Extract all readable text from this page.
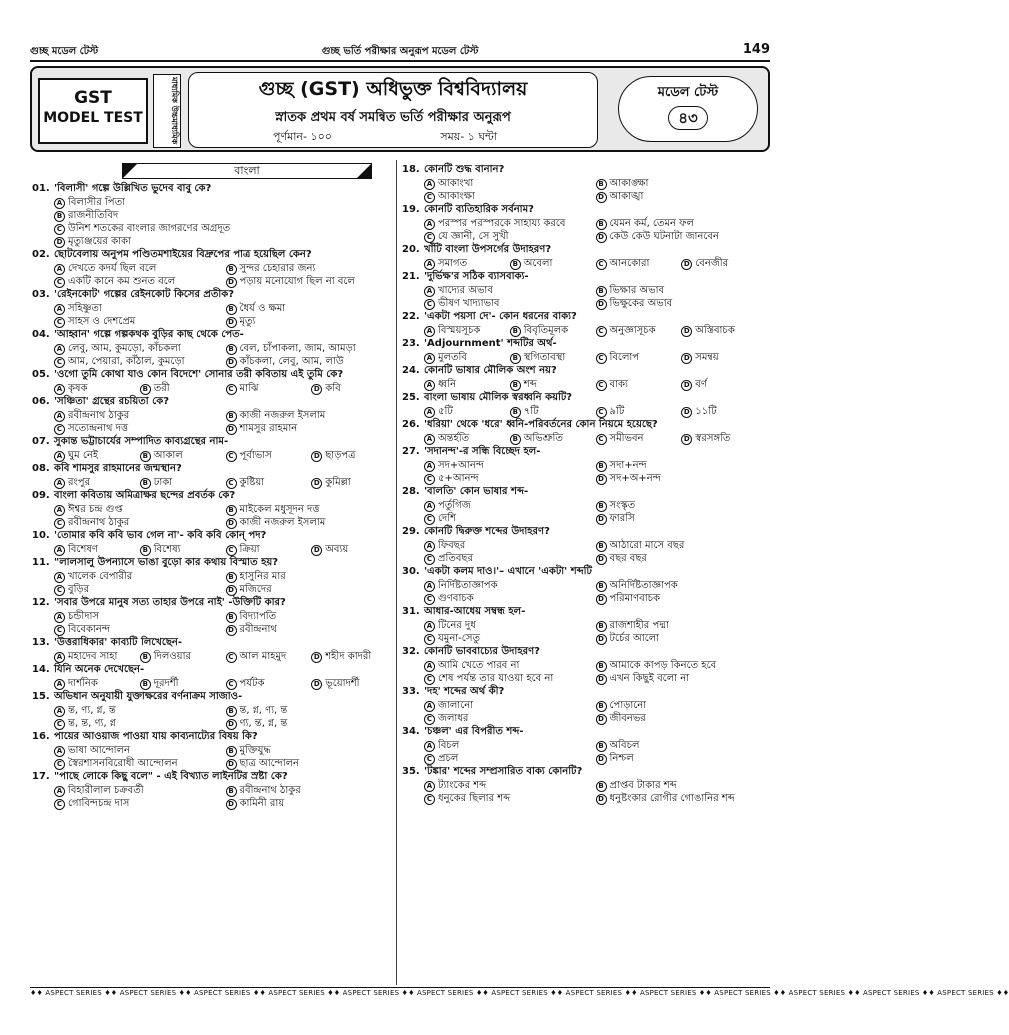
গুচ্ছ মডেল টেস্ট	গুচ্ছ ভর্তি পরীক্ষার অনুরূপ মডেল টেস্ট	149
GST
MODEL TEST	মাধ্যমিক উচ্চমাধ্যমিক	গুচ্ছ (GST) অধিভুক্ত বিশ্ববিদ্যালয়
স্নাতক প্রথম বর্ষ সমন্বিত ভর্তি পরীক্ষার অনুরূপ
পূর্ণমান- ১০০	সময়- ১ ঘন্টা
মডেল টেস্ট
৪৩
বাংলা
01. 'বিলাসী' গল্পে উল্লিখিত ভুদেব বাবু কে?
A বিলাসীর পিতা
B রাজনীতিবিদ
C উনিশ শতকের বাংলার জাগরণের অগ্রদূত
D মৃত্যুঞ্জয়ের কাকা
02. ছোটবেলায় অনুপম পণ্ডিতমশাইয়ের বিদ্রুপের পাত্র হয়েছিল কেন?
A দেখতে কদর্য ছিল বলে	B সুন্দর চেহারার জন্য
C একটি কানে কম শুনত বলে	D পড়ায় মনোযোগ ছিল না বলে
03. 'রেইনকোট' গল্পের রেইনকোট কিসের প্রতীক?
A সহিষ্ণুতা	B ধৈর্য ও ক্ষমা
C সাহস ও দেশপ্রেম	D মৃত্যু
04. 'আহ্বান' গল্পে গল্পকথক বুড়ির কাছ থেকে পেত-
A লেবু, আম, কুমড়ো, কাঁচকলা	B বেল, চাঁপাকলা, জাম, আমড়া
C আম, পেয়ারা, কাঁঠাল, কুমড়ো	D কাঁচকলা, লেবু, আম, লাউ
05. 'ওগো তুমি কোথা যাও কোন বিদেশে' সোনার তরী কবিতায় এই তুমি কে?
A কৃষক	B তরী	C মাঝি	D কবি
06. 'সঞ্চিতা' গ্রন্থের রচয়িতা কে?
A রবীন্দ্রনাথ ঠাকুর	B কাজী নজরুল ইসলাম
C সত্যেন্দ্রনাথ দত্ত	D শামসুর রাহমান
07. সুকান্ত ভট্টাচার্যের সম্পাদিত কাব্যগ্রন্থের নাম-
A ঘুম নেই	B আকাল	C পূর্বাভাস	D ছাড়পত্র
08. কবি শামসুর রাহমানের জন্মস্থান?
A রংপুর	B ঢাকা	C কুষ্টিয়া	D কুমিল্লা
09. বাংলা কবিতায় অমিত্রাক্ষর ছন্দের প্রবর্তক কে?
A ঈশ্বর চন্দ্র গুপ্ত	B মাইকেল মধুসূদন দত্ত
C রবীন্দ্রনাথ ঠাকুর	D কাজী নজরুল ইসলাম
10. 'তোমার কবি কবি ভাব গেল না'- কবি কবি কোন্ পদ?
A বিশেষণ	B বিশেষ্য	C ক্রিয়া	D অব্যয়
11. "লালসালু উপন্যাসে ভাঙা বুড়ো কার কথায় বিস্মাত হয়?
A খালেক বেপারীর	B হাসুনির মার
C বুড়ির	D মজিদের
12. 'সবার উপরে মানুষ সত্য তাহার উপরে নাই' -উক্তিটি কার?
A চন্ডীদাস	B বিদ্যাপতি
C বিবেকানন্দ	D রবীন্দ্রনাথ
13. 'উত্তরাধিকার' কাব্যটি লিখেছেন-
A মহাদেব সাহা	B দিলওয়ার	C আল মাহমুদ	D শহীদ কাদরী
14. যিনি অনেক দেখেছেন-
A দার্শনিক	B দূরদর্শী	C পর্যটক	D ভূয়োদর্শী
15. অভিধান অনুযায়ী যুক্তাক্ষরের বর্ণনাক্রম সাজাও-
A ন্ত, ণ্য, গ্ন, ন্ত	B ন্ত, গ্ন, ণ্য, ন্ত
C ন্ত, ন্ত, ণ্য, গ্ন	D ণ্য, ন্ত, গ্ন, ন্ত
16. পায়ের আওয়াজ পাওয়া যায় কাব্যনাট্যের বিষয় কি?
A ভাষা আন্দোলন	B মুক্তিযুদ্ধ
C স্বৈরশাসনবিরোধী আন্দোলন	D ছাত্র আন্দোলন
17. "পাছে লোকে কিছু বলে" - এই বিখ্যাত লাইনটির স্রষ্টা কে?
A বিহারীলাল চক্রবর্তী	B রবীন্দ্রনাথ ঠাকুর
C গোবিন্দচন্দ্র দাস	D কামিনী রায়
18. কোনটি শুদ্ধ বানান?
A আকাংখা	B আকাঙ্ক্ষা
C আকাংক্ষা	D আকাঙ্খা
19. কোনটি ব্যতিহারিক সর্বনাম?
A পরস্পর পরস্পরকে সাহায্য করবে	B যেমন কর্ম, তেমন ফল
C যে জ্ঞানী, সে সুখী	D কেউ কেউ ঘটনাটা জানবেন
20. খাঁটি বাংলা উপসর্গের উদাহরণ?
A সমাগত	B অবেলা	C আনকোরা	D বেনজীর
21. 'দুর্ভিক্ষ'র সঠিক ব্যাসবাক্য-
A খাদ্যের অভাব	B ভিক্ষার অভাব
C ভীষণ খাদ্যাভাব	D ভিক্ষুকের অভাব
22. 'একটা পয়সা দে'- কোন ধরনের বাক্য?
A বিস্ময়সূচক	B বিবৃতিমূলক	C অনুজ্ঞাসূচক	D অস্তিবাচক
23. 'Adjournment' শব্দটির অর্থ-
A মুলতবি	B স্থগিতাবস্থা	C বিলোপ	D সমন্বয়
24. কোনটি ভাষার মৌলিক অংশ নয়?
A ধ্বনি	B শব্দ	C বাক্য	D বর্ণ
25. বাংলা ভাষায় মৌলিক স্বরধ্বনি কয়টি?
A ৫টি	B ৭টি	C ৯টি	D ১১টি
26. 'ধরিয়া' থেকে 'ধরে' ধ্বনি-পরিবর্তনের কোন নিয়মে হয়েছে?
A অন্তর্হতি	B অভিশ্রুতি	C সমীভবন	D স্বরসঙ্গতি
27. 'সদানন্দ'-র সন্ধি বিচ্ছেদ হল-
A সদ+আনন্দ	B সদা+নন্দ
C ৫+আনন্দ	D সদ+অ+নন্দ
28. 'বালতি' কোন ভাষার শব্দ-
A পর্তুগিজ	B সংস্কৃত
C দেশি	D ফারসি
29. কোনটি দ্বিরুক্ত শব্দের উদাহরণ?
A ফিবছর	B আঠারো মাসে বছর
C প্রতিবছর	D বছর বছর
30. 'একটা কলম দাও।'– এখানে 'একটা' শব্দটি
A নির্দিষ্টতাজ্ঞাপক	B অনির্দিষ্টতাজ্ঞাপক
C গুণবাচক	D পরিমাণবাচক
31. আধার-আধেয় সম্বন্ধ হল-
A টিনের দুধ	B রাজশাহীর পদ্মা
C যমুনা-সেতু	D টর্চের আলো
32. কোনটি ভাববাচ্যের উদাহরণ?
A আমি খেতে পারব না	B আমাকে কাপড় কিনতে হবে
C শেষ পর্যন্ত তার যাওয়া হবে না	D এখন কিছুই বলো না
33. 'দহ' শব্দের অর্থ কী?
A জালানো	B পোড়ানো
C জলাধর	D জীবনভর
34. 'চঞ্চল' এর বিপরীত শব্দ-
A বিচল	B অবিচল
C প্রচল	D নিশ্চল
35. 'টঙ্কার' শব্দের সম্প্রসারিত বাক্য কোনটি?
A ট্যাংকের শব্দ	B প্রাপ্তব টাকার শব্দ
C ধনুকের ছিলার শব্দ	D ধনুষ্টংকার রোগীর গোঙানির শব্দ
♦♦ ASPECT SERIES ♦♦ ASPECT SERIES ♦♦ ASPECT SERIES ♦♦ ASPECT SERIES ♦♦ ASPECT SERIES ♦♦ ASPECT SERIES ♦♦ ASPECT SERIES ♦♦ ASPECT SERIES ♦♦ ASPECT SERIES ♦♦ ASPECT SERIES ♦♦ ASPECT SERIES ♦♦ ASPECT SERIES ♦♦ ASPECT SERIES ♦♦
